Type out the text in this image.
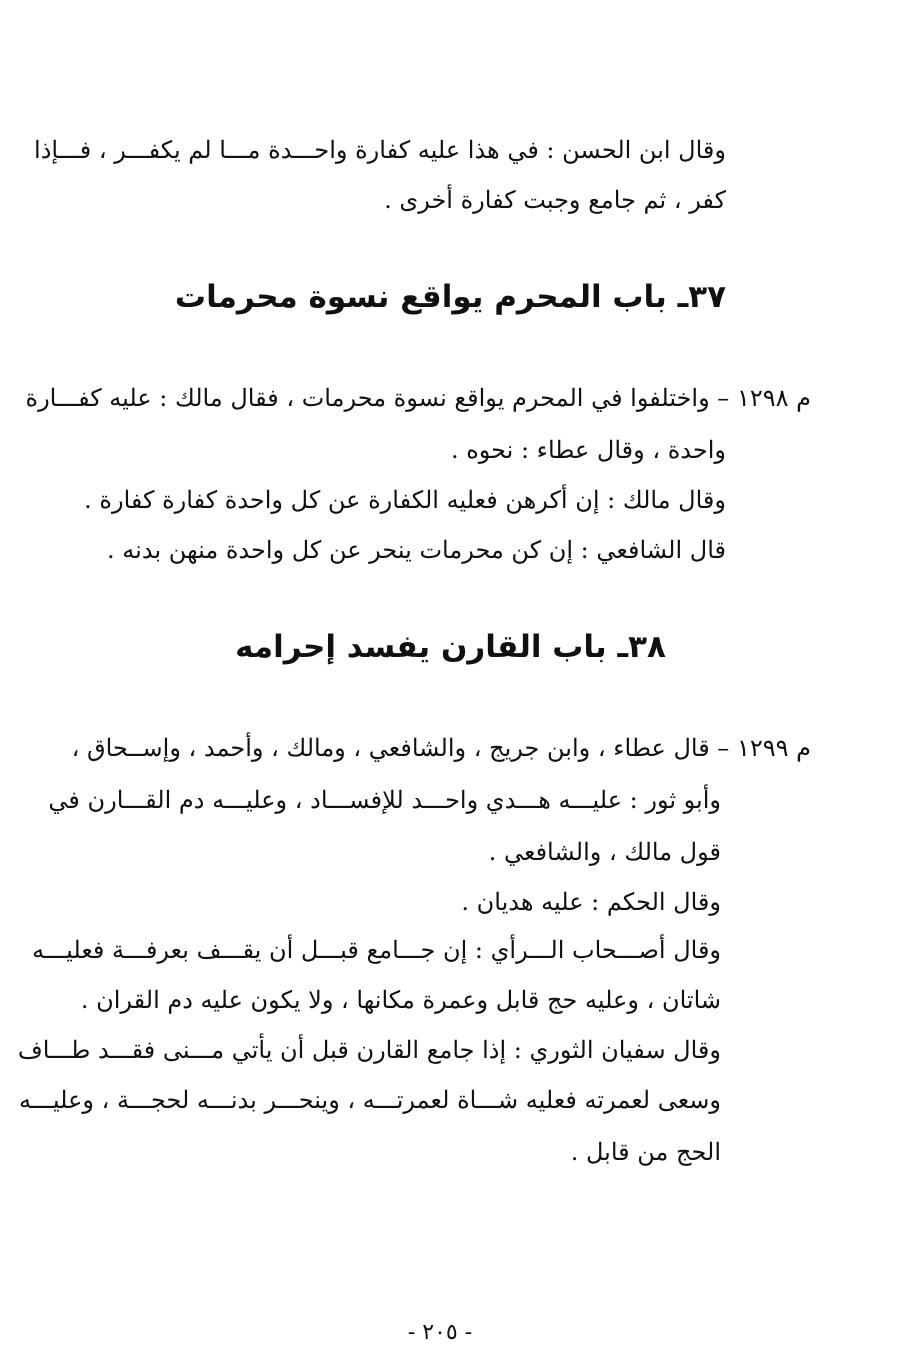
وقال ابن الحسن : في هذا عليه كفارة واحـــدة مـــا لم يكفـــر ، فـــإذا
كفر ، ثم جامع وجبت كفارة أخرى .
٣٧ـ باب المحرم يواقع نسوة محرمات
م ١٢٩٨ – واختلفوا في المحرم يواقع نسوة محرمات ، فقال مالك : عليه كفـــارة
واحدة ، وقال عطاء : نحوه .
وقال مالك : إن أكرهن فعليه الكفارة عن كل واحدة كفارة كفارة .
قال الشافعي : إن كن محرمات ينحر عن كل واحدة منهن بدنه .
٣٨ـ باب القارن يفسد إحرامه
م ١٢٩٩ – قال عطاء ، وابن جريج ، والشافعي ، ومالك ، وأحمد ، وإســحاق ،
وأبو ثور : عليـــه هـــدي واحـــد للإفســـاد ، وعليـــه دم القـــارن في
قول مالك ، والشافعي .
وقال الحكم : عليه هديان .
وقال أصـــحاب الـــرأي : إن جـــامع قبـــل أن يقـــف بعرفـــة فعليـــه
شاتان ، وعليه حج قابل وعمرة مكانها ، ولا يكون عليه دم القران .
وقال سفيان الثوري : إذا جامع القارن قبل أن يأتي مـــنى فقـــد طـــاف
وسعى لعمرته فعليه شـــاة لعمرتـــه ، وينحـــر بدنـــه لحجـــة ، وعليـــه
الحج من قابل .
- ٢٠٥ -
